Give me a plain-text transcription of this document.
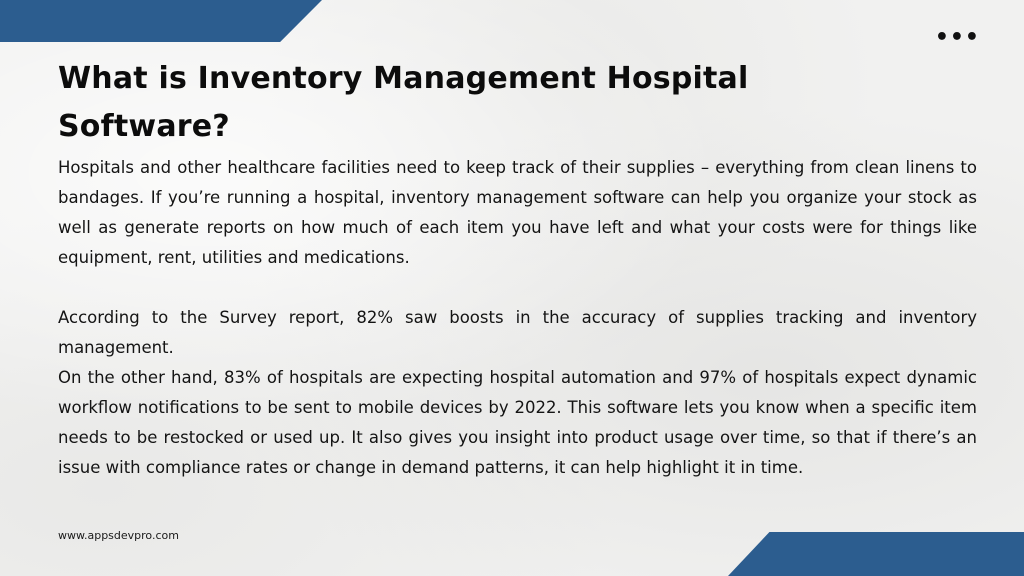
•••
What is Inventory Management Hospital Software?

Hospitals and other healthcare facilities need to keep track of their supplies – everything from clean linens to bandages. If you’re running a hospital, inventory management software can help you organize your stock as well as generate reports on how much of each item you have left and what your costs were for things like equipment, rent, utilities and medications.

According to the Survey report, 82% saw boosts in the accuracy of supplies tracking and inventory management.

On the other hand, 83% of hospitals are expecting hospital automation and 97% of hospitals expect dynamic workflow notifications to be sent to mobile devices by 2022. This software lets you know when a specific item needs to be restocked or used up. It also gives you insight into product usage over time, so that if there’s an issue with compliance rates or change in demand patterns, it can help highlight it in time.

www.appsdevpro.com
